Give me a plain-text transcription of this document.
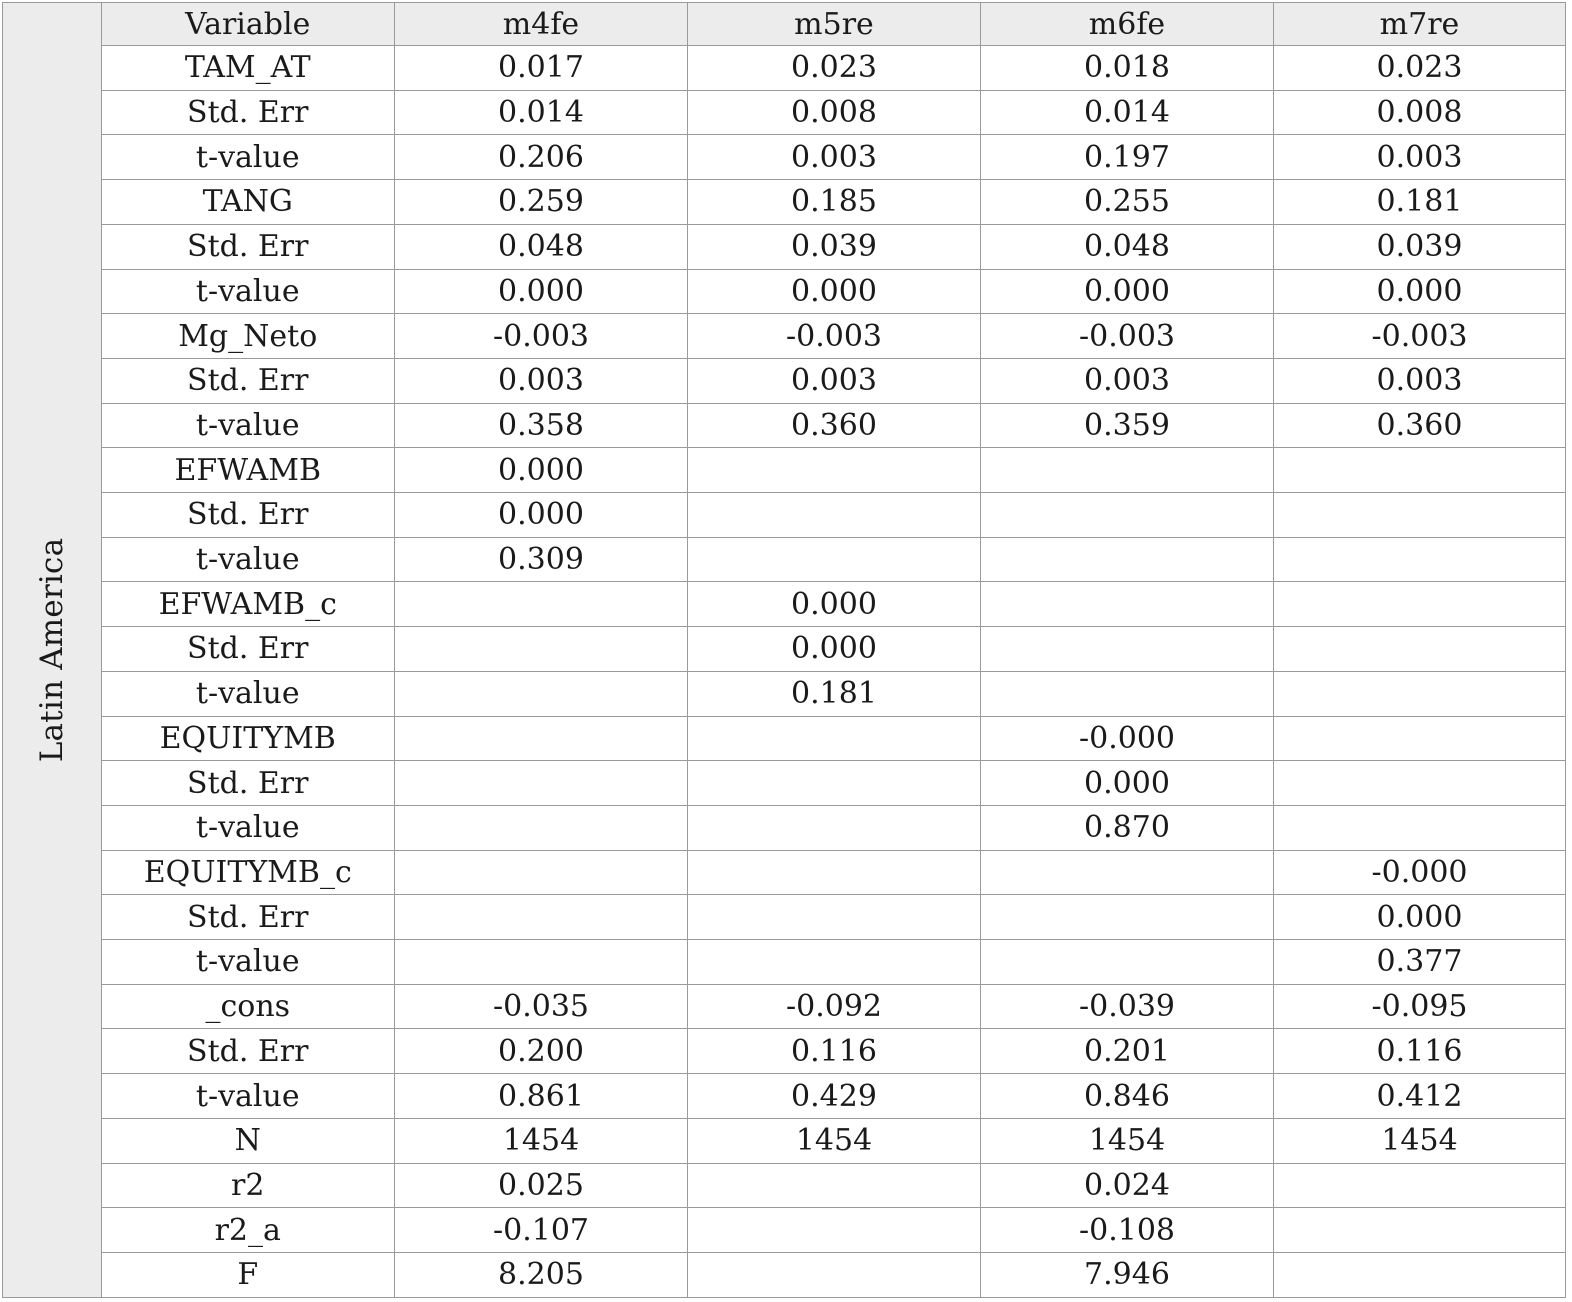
Latin America
Variable	m4fe	m5re	m6fe	m7re
TAM_AT	0.017	0.023	0.018	0.023
Std. Err	0.014	0.008	0.014	0.008
t-value	0.206	0.003	0.197	0.003
TANG	0.259	0.185	0.255	0.181
Std. Err	0.048	0.039	0.048	0.039
t-value	0.000	0.000	0.000	0.000
Mg_Neto	-0.003	-0.003	-0.003	-0.003
Std. Err	0.003	0.003	0.003	0.003
t-value	0.358	0.360	0.359	0.360
EFWAMB	0.000			
Std. Err	0.000			
t-value	0.309			
EFWAMB_c		0.000		
Std. Err		0.000		
t-value		0.181		
EQUITYMB			-0.000	
Std. Err			0.000	
t-value			0.870	
EQUITYMB_c				-0.000
Std. Err				0.000
t-value				0.377
_cons	-0.035	-0.092	-0.039	-0.095
Std. Err	0.200	0.116	0.201	0.116
t-value	0.861	0.429	0.846	0.412
N	1454	1454	1454	1454
r2	0.025		0.024	
r2_a	-0.107		-0.108	
F	8.205		7.946	
